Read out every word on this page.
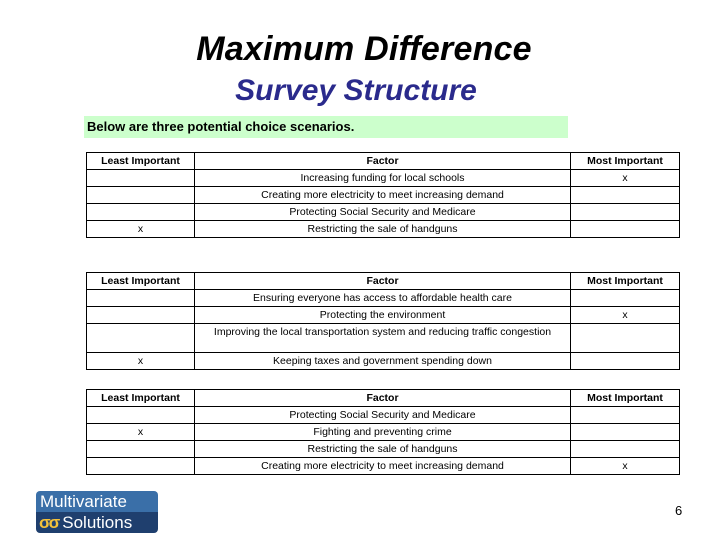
Maximum Difference
Survey Structure
Below are three potential choice scenarios.
Least Important	Factor	Most Important
	Increasing funding for local schools	x
	Creating more electricity to meet increasing demand	
	Protecting Social Security and Medicare	
x	Restricting the sale of handguns	
Least Important	Factor	Most Important
	Ensuring everyone has access to affordable health care	
	Protecting the environment	x
	Improving the local transportation system and reducing traffic congestion	
x	Keeping taxes and government spending down	
Least Important	Factor	Most Important
	Protecting Social Security and Medicare	
x	Fighting and preventing crime	
	Restricting the sale of handguns	
	Creating more electricity to meet increasing demand	x
Multivariate
σσ Solutions
6
